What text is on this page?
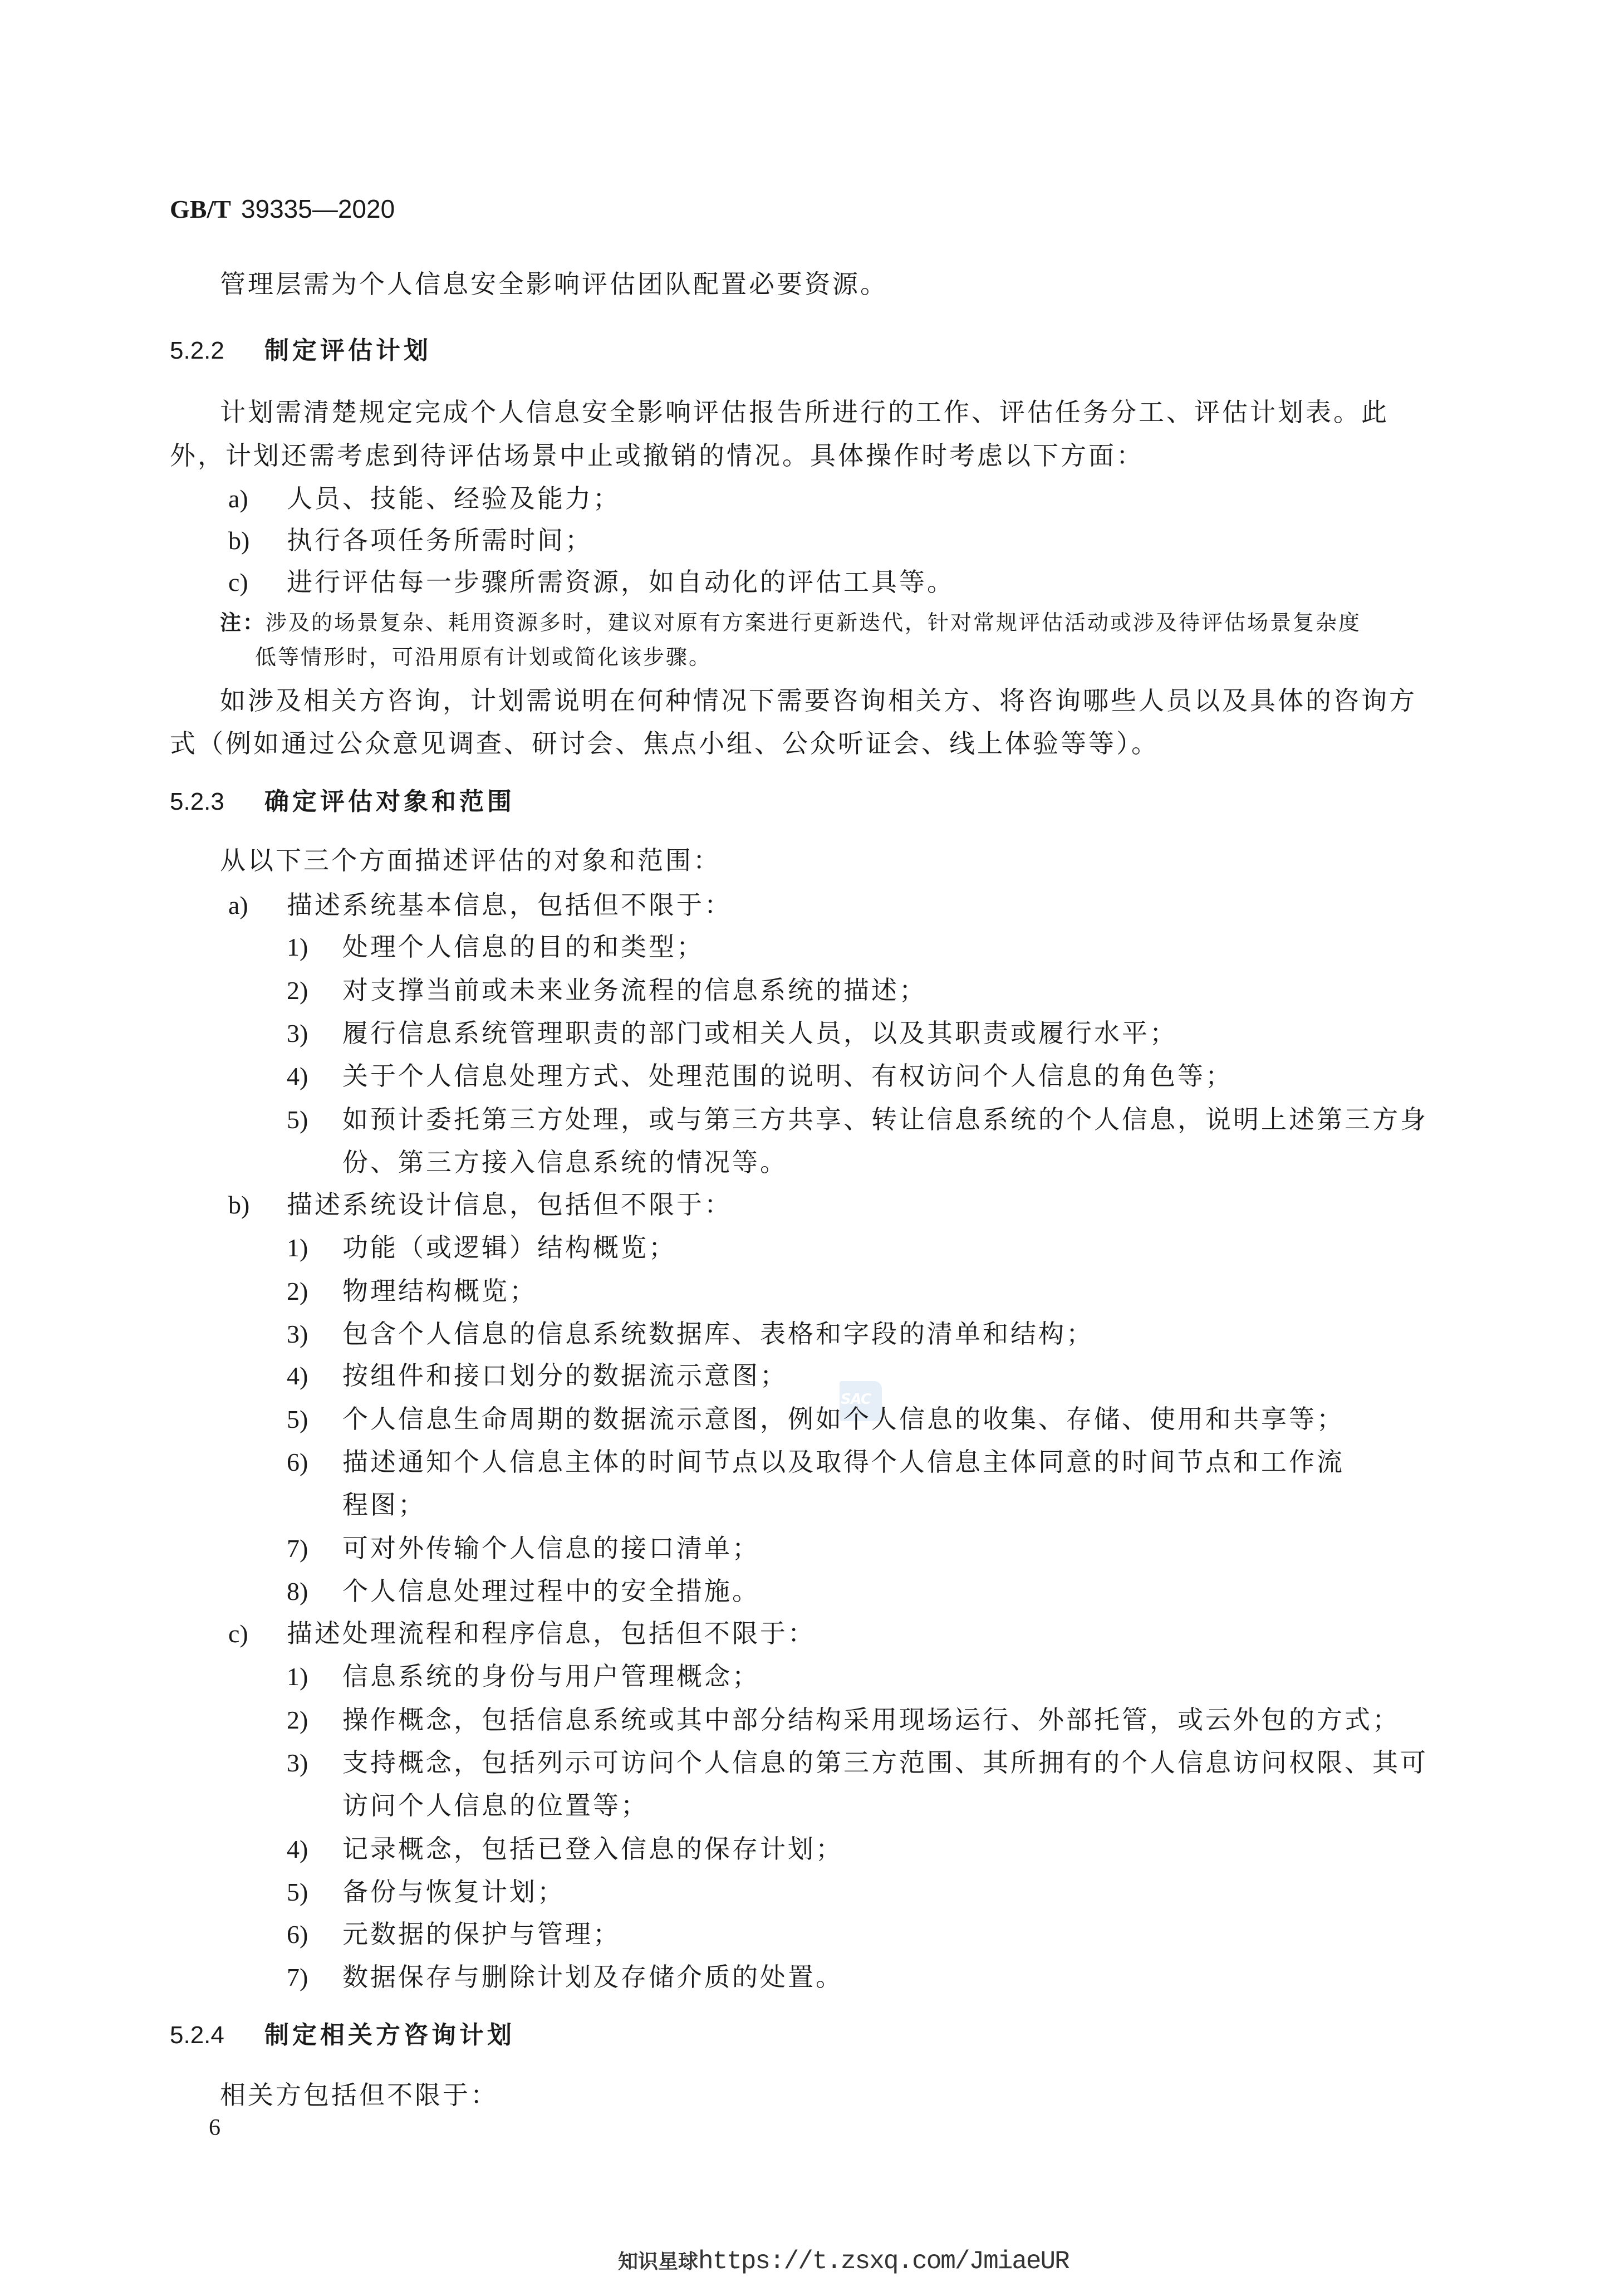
GB/T 39335—2020
管理层需为个人信息安全影响评估团队配置必要资源。
5.2.2 制定评估计划
计划需清楚规定完成个人信息安全影响评估报告所进行的工作、评估任务分工、评估计划表。此
外，计划还需考虑到待评估场景中止或撤销的情况。具体操作时考虑以下方面：
a) 人员、技能、经验及能力；
b) 执行各项任务所需时间；
c) 进行评估每一步骤所需资源，如自动化的评估工具等。
注：涉及的场景复杂、耗用资源多时，建议对原有方案进行更新迭代，针对常规评估活动或涉及待评估场景复杂度
低等情形时，可沿用原有计划或简化该步骤。
如涉及相关方咨询，计划需说明在何种情况下需要咨询相关方、将咨询哪些人员以及具体的咨询方
式（例如通过公众意见调查、研讨会、焦点小组、公众听证会、线上体验等等）。
5.2.3 确定评估对象和范围
从以下三个方面描述评估的对象和范围：
a) 描述系统基本信息，包括但不限于：
1) 处理个人信息的目的和类型；
2) 对支撑当前或未来业务流程的信息系统的描述；
3) 履行信息系统管理职责的部门或相关人员，以及其职责或履行水平；
4) 关于个人信息处理方式、处理范围的说明、有权访问个人信息的角色等；
5) 如预计委托第三方处理，或与第三方共享、转让信息系统的个人信息，说明上述第三方身
份、第三方接入信息系统的情况等。
b) 描述系统设计信息，包括但不限于：
1) 功能（或逻辑）结构概览；
2) 物理结构概览；
3) 包含个人信息的信息系统数据库、表格和字段的清单和结构；
4) 按组件和接口划分的数据流示意图；
SAC
5) 个人信息生命周期的数据流示意图，例如个人信息的收集、存储、使用和共享等；
6) 描述通知个人信息主体的时间节点以及取得个人信息主体同意的时间节点和工作流
程图；
7) 可对外传输个人信息的接口清单；
8) 个人信息处理过程中的安全措施。
c) 描述处理流程和程序信息，包括但不限于：
1) 信息系统的身份与用户管理概念；
2) 操作概念，包括信息系统或其中部分结构采用现场运行、外部托管，或云外包的方式；
3) 支持概念，包括列示可访问个人信息的第三方范围、其所拥有的个人信息访问权限、其可
访问个人信息的位置等；
4) 记录概念，包括已登入信息的保存计划；
5) 备份与恢复计划；
6) 元数据的保护与管理；
7) 数据保存与删除计划及存储介质的处置。
5.2.4 制定相关方咨询计划
相关方包括但不限于：
6
知识星球https://t.zsxq.com/JmiaeUR
